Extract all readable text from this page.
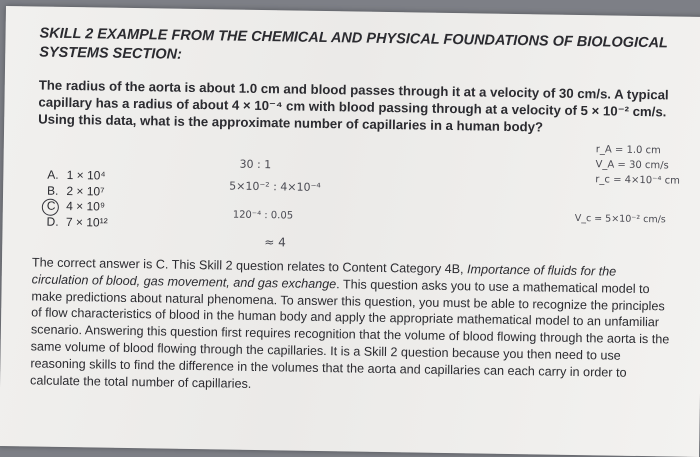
SKILL 2 EXAMPLE FROM THE CHEMICAL AND PHYSICAL FOUNDATIONS OF BIOLOGICAL SYSTEMS SECTION:
The radius of the aorta is about 1.0 cm and blood passes through it at a velocity of 30 cm/s. A typical capillary has a radius of about 4 × 10⁻⁴ cm with blood passing through at a velocity of 5 × 10⁻² cm/s. Using this data, what is the approximate number of capillaries in a human body?
A. 1 × 10⁴
B. 2 × 10⁷
C 4 × 10⁹
D. 7 × 10¹²
30 : 1
5×10⁻² : 4×10⁻⁴
120⁻⁴ : 0.05
≈ 4
r_A = 1.0 cm
V_A = 30 cm/s
r_c = 4×10⁻⁴ cm
V_c = 5×10⁻² cm/s
The correct answer is C. This Skill 2 question relates to Content Category 4B, Importance of fluids for the circulation of blood, gas movement, and gas exchange. This question asks you to use a mathematical model to make predictions about natural phenomena. To answer this question, you must be able to recognize the principles of flow characteristics of blood in the human body and apply the appropriate mathematical model to an unfamiliar scenario. Answering this question first requires recognition that the volume of blood flowing through the aorta is the same volume of blood flowing through the capillaries. It is a Skill 2 question because you then need to use reasoning skills to find the difference in the volumes that the aorta and capillaries can each carry in order to calculate the total number of capillaries.
